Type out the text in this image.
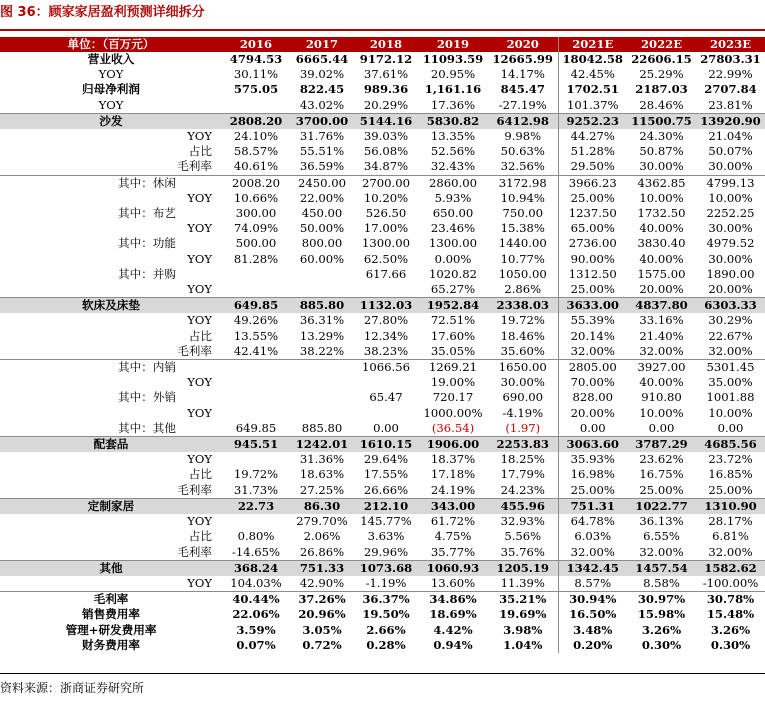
图 36：顾家家居盈利预测详细拆分
单位：（百万元）	2016	2017	2018	2019	2020	2021E	2022E	2023E
营业收入	4794.53	6665.44	9172.12	11093.59	12665.99	18042.58	22606.15	27803.31
YOY	30.11%	39.02%	37.61%	20.95%	14.17%	42.45%	25.29%	22.99%
归母净利润	575.05	822.45	989.36	1,161.16	845.47	1702.51	2187.03	2707.84
YOY		43.02%	20.29%	17.36%	-27.19%	101.37%	28.46%	23.81%
沙发	2808.20	3700.00	5144.16	5830.82	6412.98	9252.23	11500.75	13920.90
YOY	24.10%	31.76%	39.03%	13.35%	9.98%	44.27%	24.30%	21.04%
占比	58.57%	55.51%	56.08%	52.56%	50.63%	51.28%	50.87%	50.07%
毛利率	40.61%	36.59%	34.87%	32.43%	32.56%	29.50%	30.00%	30.00%
其中：休闲	2008.20	2450.00	2700.00	2860.00	3172.98	3966.23	4362.85	4799.13
YOY	10.66%	22.00%	10.20%	5.93%	10.94%	25.00%	10.00%	10.00%
其中：布艺	300.00	450.00	526.50	650.00	750.00	1237.50	1732.50	2252.25
YOY	74.09%	50.00%	17.00%	23.46%	15.38%	65.00%	40.00%	30.00%
其中：功能	500.00	800.00	1300.00	1300.00	1440.00	2736.00	3830.40	4979.52
YOY	81.28%	60.00%	62.50%	0.00%	10.77%	90.00%	40.00%	30.00%
其中：并购			617.66	1020.82	1050.00	1312.50	1575.00	1890.00
YOY				65.27%	2.86%	25.00%	20.00%	20.00%
软床及床垫	649.85	885.80	1132.03	1952.84	2338.03	3633.00	4837.80	6303.33
YOY	49.26%	36.31%	27.80%	72.51%	19.72%	55.39%	33.16%	30.29%
占比	13.55%	13.29%	12.34%	17.60%	18.46%	20.14%	21.40%	22.67%
毛利率	42.41%	38.22%	38.23%	35.05%	35.60%	32.00%	32.00%	32.00%
其中：内销			1066.56	1269.21	1650.00	2805.00	3927.00	5301.45
YOY				19.00%	30.00%	70.00%	40.00%	35.00%
其中：外销			65.47	720.17	690.00	828.00	910.80	1001.88
YOY				1000.00%	-4.19%	20.00%	10.00%	10.00%
其中：其他	649.85	885.80	0.00	(36.54)	(1.97)	0.00	0.00	0.00
配套品	945.51	1242.01	1610.15	1906.00	2253.83	3063.60	3787.29	4685.56
YOY		31.36%	29.64%	18.37%	18.25%	35.93%	23.62%	23.72%
占比	19.72%	18.63%	17.55%	17.18%	17.79%	16.98%	16.75%	16.85%
毛利率	31.73%	27.25%	26.66%	24.19%	24.23%	25.00%	25.00%	25.00%
定制家居	22.73	86.30	212.10	343.00	455.96	751.31	1022.77	1310.90
YOY		279.70%	145.77%	61.72%	32.93%	64.78%	36.13%	28.17%
占比	0.80%	2.06%	3.63%	4.75%	5.56%	6.03%	6.55%	6.81%
毛利率	-14.65%	26.86%	29.96%	35.77%	35.76%	32.00%	32.00%	32.00%
其他	368.24	751.33	1073.68	1060.93	1205.19	1342.45	1457.54	1582.62
YOY	104.03%	42.90%	-1.19%	13.60%	11.39%	8.57%	8.58%	-100.00%
毛利率	40.44%	37.26%	36.37%	34.86%	35.21%	30.94%	30.97%	30.78%
销售费用率	22.06%	20.96%	19.50%	18.69%	19.69%	16.50%	15.98%	15.48%
管理+研发费用率	3.59%	3.05%	2.66%	4.42%	3.98%	3.48%	3.26%	3.26%
财务费用率	0.07%	0.72%	0.28%	0.94%	1.04%	0.20%	0.30%	0.30%
资料来源：浙商证券研究所
